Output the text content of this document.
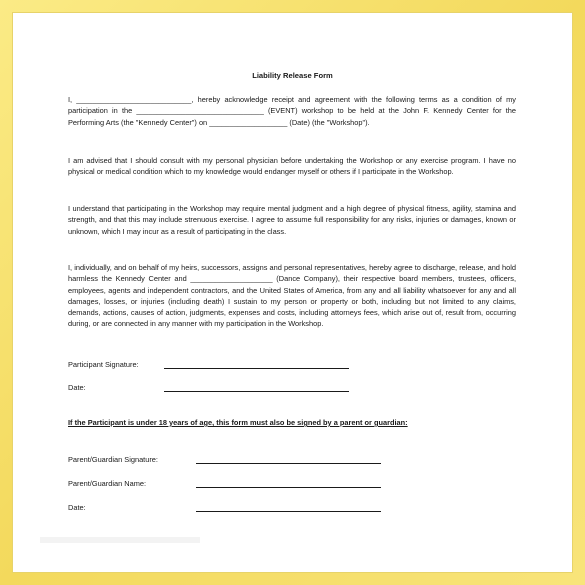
Liability Release Form
I, ____________________________, hereby acknowledge receipt and agreement with the following terms as a condition of my participation in the _______________________________ (EVENT) workshop to be held at the John F. Kennedy Center for the Performing Arts (the "Kennedy Center") on ___________________ (Date) (the "Workshop").
I am advised that I should consult with my personal physician before undertaking the Workshop or any exercise program. I have no physical or medical condition which to my knowledge would endanger myself or others if I participate in the Workshop.
I understand that participating in the Workshop may require mental judgment and a high degree of physical fitness, agility, stamina and strength, and that this may include strenuous exercise. I agree to assume full responsibility for any risks, injuries or damages, known or unknown, which I may incur as a result of participating in the class.
I, individually, and on behalf of my heirs, successors, assigns and personal representatives, hereby agree to discharge, release, and hold harmless the Kennedy Center and ____________________ (Dance Company), their respective board members, trustees, officers, employees, agents and independent contractors, and the United States of America, from any and all liability whatsoever for any and all damages, losses, or injuries (including death) I sustain to my person or property or both, including but not limited to any claims, demands, actions, causes of action, judgments, expenses and costs, including attorneys fees, which arise out of, result from, occurring during, or are connected in any manner with my participation in the Workshop.
Participant Signature:
Date:
If the Participant is under 18 years of age, this form must also be signed by a parent or guardian:
Parent/Guardian Signature:
Parent/Guardian Name:
Date:
